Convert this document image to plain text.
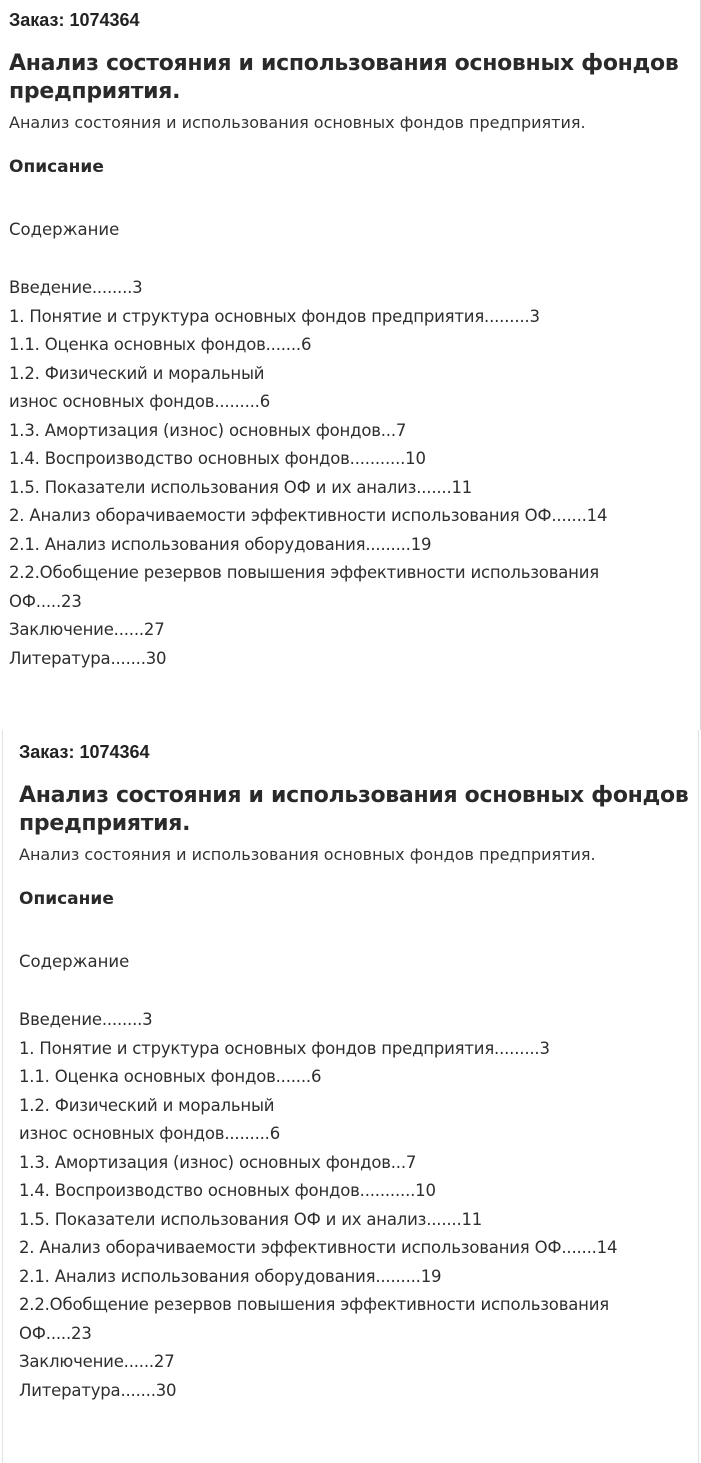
Заказ: 1074364
Анализ состояния и использования основных фондов
предприятия.
Анализ состояния и использования основных фондов предприятия.
Описание
Содержание
Введение........3
1. Понятие и структура основных фондов предприятия.........3
1.1. Оценка основных фондов.......6
1.2. Физический и моральный
износ основных фондов.........6
1.3. Амортизация (износ) основных фондов...7
1.4. Воспроизводство основных фондов...........10
1.5. Показатели использования ОФ и их анализ.......11
2. Анализ оборачиваемости эффективности использования ОФ.......14
2.1. Анализ использования оборудования.........19
2.2.Обобщение резервов повышения эффективности использования
ОФ.....23
Заключение......27
Литература.......30
Заказ: 1074364
Анализ состояния и использования основных фондов
предприятия.
Анализ состояния и использования основных фондов предприятия.
Описание
Содержание
Введение........3
1. Понятие и структура основных фондов предприятия.........3
1.1. Оценка основных фондов.......6
1.2. Физический и моральный
износ основных фондов.........6
1.3. Амортизация (износ) основных фондов...7
1.4. Воспроизводство основных фондов...........10
1.5. Показатели использования ОФ и их анализ.......11
2. Анализ оборачиваемости эффективности использования ОФ.......14
2.1. Анализ использования оборудования.........19
2.2.Обобщение резервов повышения эффективности использования
ОФ.....23
Заключение......27
Литература.......30
